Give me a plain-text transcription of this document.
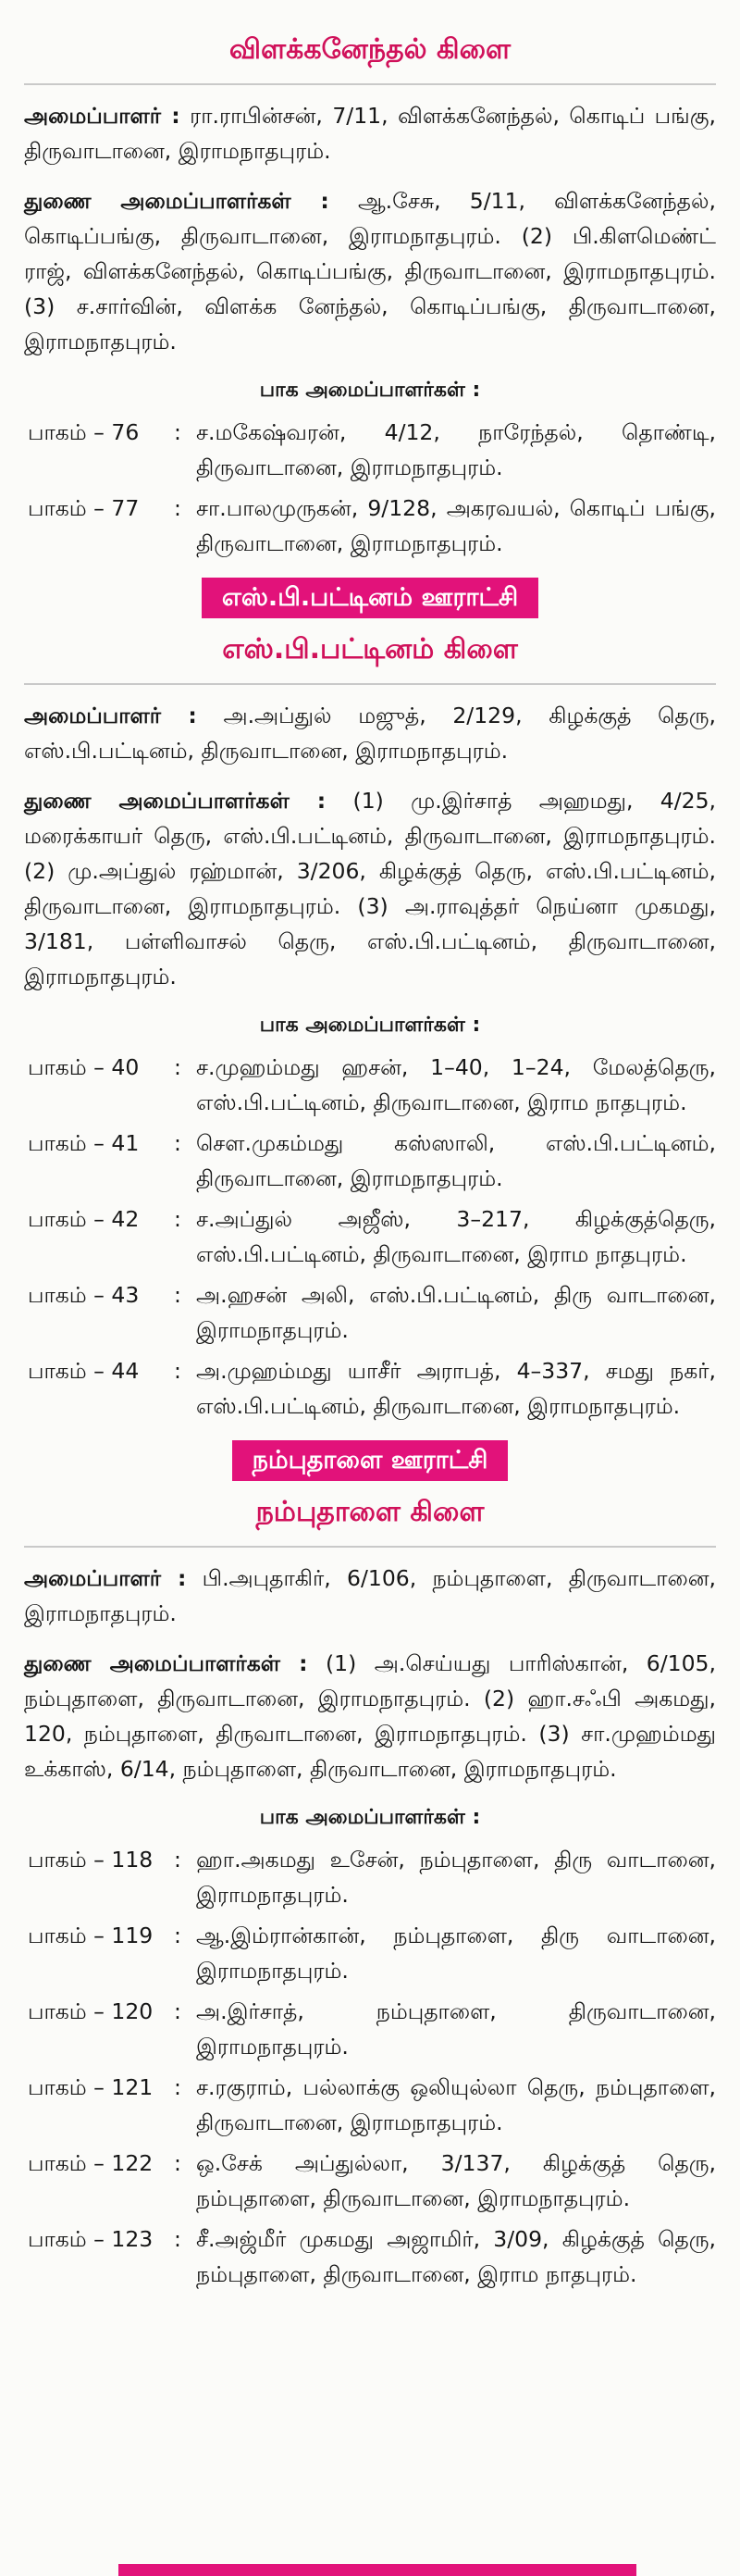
விளக்கனேந்தல் கிளை
அமைப்பாளர் : ரா.ராபின்சன், 7/11, விளக்கனேந்தல், கொடிப் பங்கு, திருவாடானை, இராமநாதபுரம்.
துணை அமைப்பாளர்கள் : ஆ.சேசு, 5/11, விளக்கனேந்தல், கொடிப்பங்கு, திருவாடானை, இராமநாதபுரம். (2) பி.கிளமெண்ட் ராஜ், விளக்கனேந்தல், கொடிப்பங்கு, திருவாடானை, இராமநாதபுரம்.(3) ச.சார்வின், விளக்க னேந்தல், கொடிப்பங்கு, திருவாடானை, இராமநாதபுரம்.
பாக அமைப்பாளர்கள் :
பாகம் – 76	: ச.மகேஷ்வரன், 4/12, நாரேந்தல், தொண்டி, திருவாடானை, இராமநாதபுரம்.
பாகம் – 77	: சா.பாலமுருகன், 9/128, அகரவயல், கொடிப் பங்கு, திருவாடானை, இராமநாதபுரம்.
எஸ்.பி.பட்டினம் ஊராட்சி
எஸ்.பி.பட்டினம் கிளை
அமைப்பாளர் : அ.அப்துல் மஜுத், 2/129, கிழக்குத் தெரு, எஸ்.பி.பட்டினம், திருவாடானை, இராமநாதபுரம்.
துணை அமைப்பாளர்கள் : (1) மு.இர்சாத் அஹமது, 4/25, மரைக்காயர் தெரு, எஸ்.பி.பட்டினம், திருவாடானை, இராமநாதபுரம். (2) மு.அப்துல் ரஹ்மான், 3/206, கிழக்குத் தெரு, எஸ்.பி.பட்டினம், திருவாடானை, இராமநாதபுரம். (3) அ.ராவுத்தர் நெய்னா முகமது, 3/181, பள்ளிவாசல் தெரு, எஸ்.பி.பட்டினம், திருவாடானை, இராமநாதபுரம்.
பாக அமைப்பாளர்கள் :
பாகம் – 40	: ச.முஹம்மது ஹசன், 1–40, 1–24, மேலத்தெரு, எஸ்.பி.பட்டினம், திருவாடானை, இராம நாதபுரம்.
பாகம் – 41	: சௌ.முகம்மது கஸ்ஸாலி, எஸ்.பி.பட்டினம், திருவாடானை, இராமநாதபுரம்.
பாகம் – 42	: ச.அப்துல் அஜீஸ், 3–217, கிழக்குத்தெரு, எஸ்.பி.பட்டினம், திருவாடானை, இராம நாதபுரம்.
பாகம் – 43	: அ.ஹசன் அலி, எஸ்.பி.பட்டினம், திரு வாடானை, இராமநாதபுரம்.
பாகம் – 44	: அ.முஹம்மது யாசீர் அராபத், 4–337, சமது நகர், எஸ்.பி.பட்டினம், திருவாடானை, இராமநாதபுரம்.
நம்புதாளை ஊராட்சி
நம்புதாளை கிளை
அமைப்பாளர் : பி.அபுதாகிர், 6/106, நம்புதாளை, திருவாடானை, இராமநாதபுரம்.
துணை அமைப்பாளர்கள் : (1) அ.செய்யது பாரிஸ்கான், 6/105, நம்புதாளை, திருவாடானை, இராமநாதபுரம். (2) ஹா.சஃபி அகமது, 120, நம்புதாளை, திருவாடானை, இராமநாதபுரம். (3) சா.முஹம்மது உக்காஸ், 6/14, நம்புதாளை, திருவாடானை, இராமநாதபுரம்.
பாக அமைப்பாளர்கள் :
பாகம் – 118 : ஹா.அகமது உசேன், நம்புதாளை, திரு வாடானை, இராமநாதபுரம்.
பாகம் – 119 : ஆ.இம்ரான்கான், நம்புதாளை, திரு வாடானை, இராமநாதபுரம்.
பாகம் – 120 : அ.இர்சாத், நம்புதாளை, திருவாடானை, இராமநாதபுரம்.
பாகம் – 121 : ச.ரகுராம், பல்லாக்கு ஒலியுல்லா தெரு, நம்புதாளை, திருவாடானை, இராமநாதபுரம்.
பாகம் – 122 : ஒ.சேக் அப்துல்லா, 3/137, கிழக்குத் தெரு, நம்புதாளை, திருவாடானை, இராமநாதபுரம்.
பாகம் – 123 : சீ.அஜ்மீர் முகமது அஜாமிர், 3/09, கிழக்குத் தெரு, நம்புதாளை, திருவாடானை, இராம நாதபுரம்.
